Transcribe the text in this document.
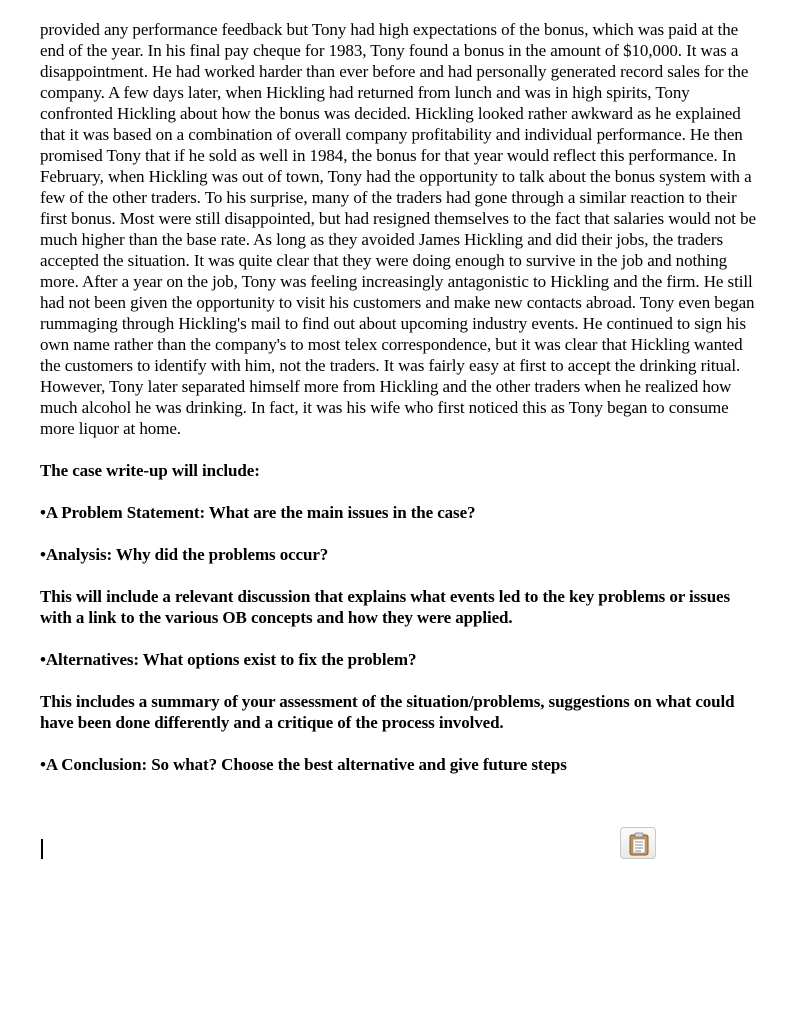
provided any performance feedback but Tony had high expectations of the bonus, which was paid at the end of the year. In his final pay cheque for 1983, Tony found a bonus in the amount of $10,000. It was a disappointment. He had worked harder than ever before and had personally generated record sales for the company. A few days later, when Hickling had returned from lunch and was in high spirits, Tony confronted Hickling about how the bonus was decided. Hickling looked rather awkward as he explained that it was based on a combination of overall company profitability and individual performance. He then promised Tony that if he sold as well in 1984, the bonus for that year would reflect this performance. In February, when Hickling was out of town, Tony had the opportunity to talk about the bonus system with a few of the other traders. To his surprise, many of the traders had gone through a similar reaction to their first bonus. Most were still disappointed, but had resigned themselves to the fact that salaries would not be much higher than the base rate. As long as they avoided James Hickling and did their jobs, the traders accepted the situation. It was quite clear that they were doing enough to survive in the job and nothing more. After a year on the job, Tony was feeling increasingly antagonistic to Hickling and the firm. He still had not been given the opportunity to visit his customers and make new contacts abroad. Tony even began rummaging through Hickling's mail to find out about upcoming industry events. He continued to sign his own name rather than the company's to most telex correspondence, but it was clear that Hickling wanted the customers to identify with him, not the traders. It was fairly easy at first to accept the drinking ritual. However, Tony later separated himself more from Hickling and the other traders when he realized how much alcohol he was drinking. In fact, it was his wife who first noticed this as Tony began to consume more liquor at home.

The case write-up will include:

•A Problem Statement: What are the main issues in the case?

•Analysis: Why did the problems occur?

This will include a relevant discussion that explains what events led to the key problems or issues with a link to the various OB concepts and how they were applied.

•Alternatives: What options exist to fix the problem?

This includes a summary of your assessment of the situation/problems, suggestions on what could have been done differently and a critique of the process involved.

•A Conclusion: So what? Choose the best alternative and give future steps
